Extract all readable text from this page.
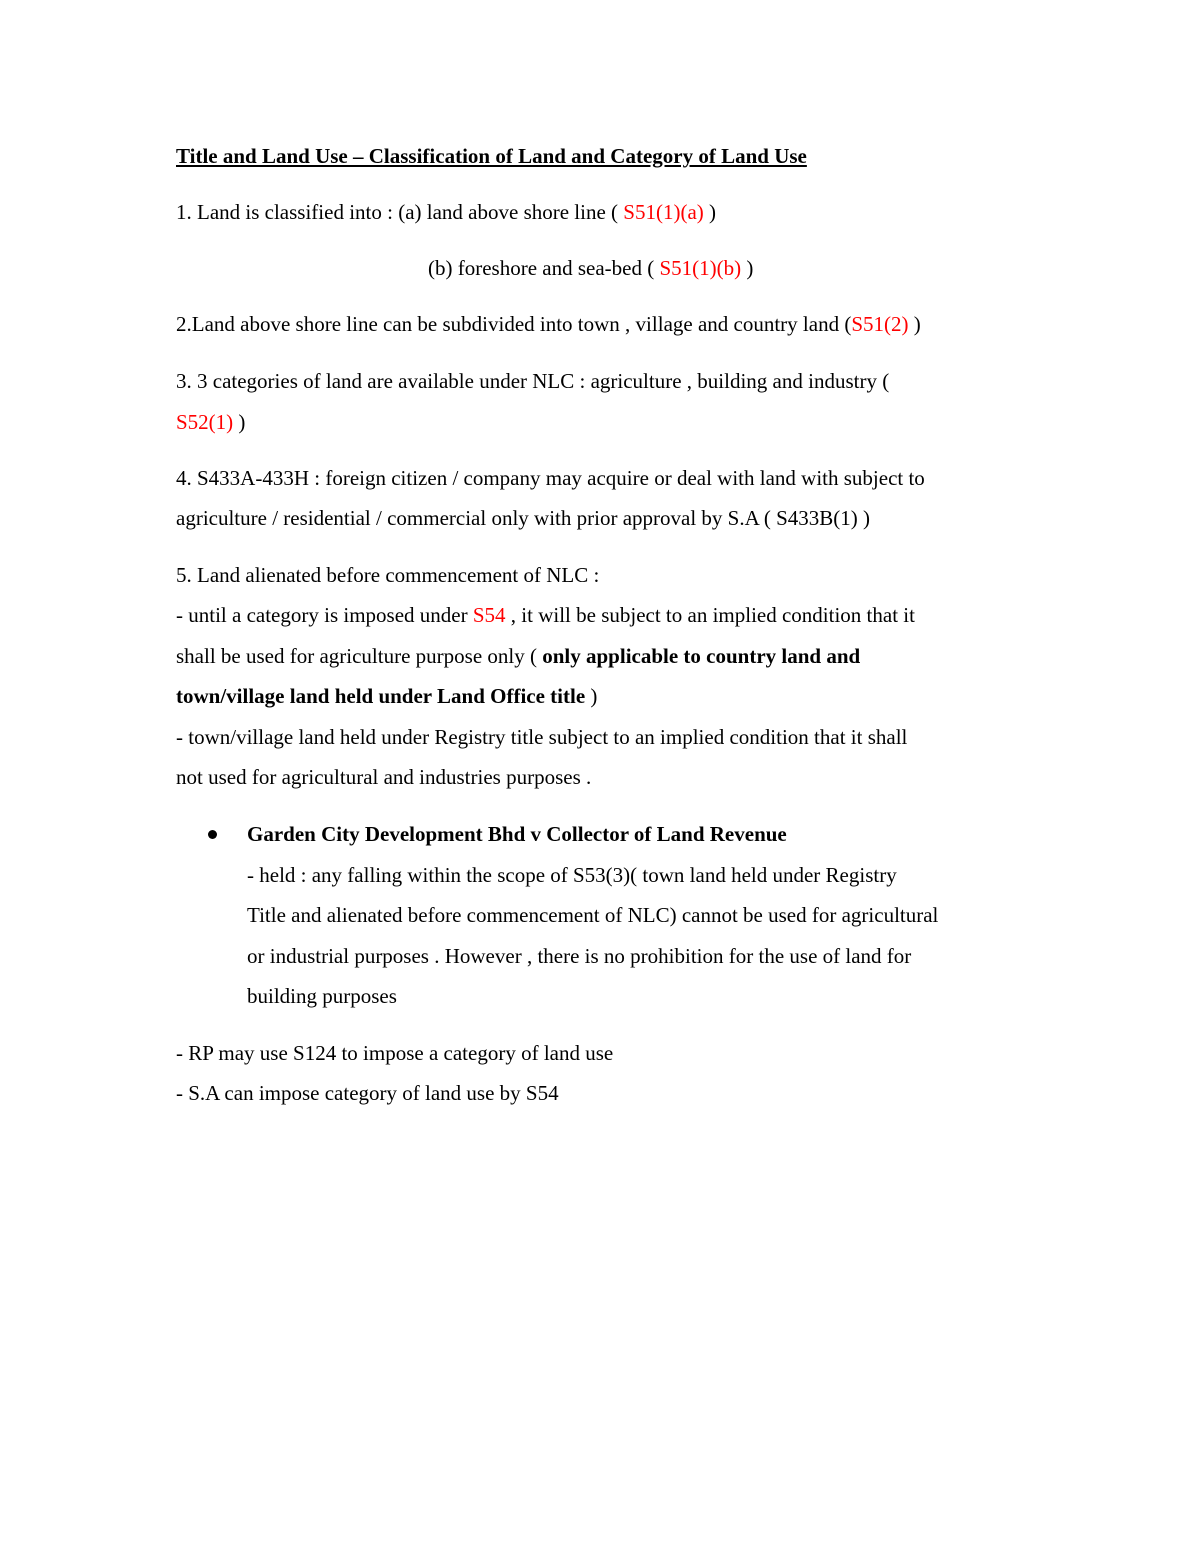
Title and Land Use – Classification of Land and Category of Land Use
1. Land is classified into : (a) land above shore line ( S51(1)(a) )
(b) foreshore and sea-bed ( S51(1)(b) )
2.Land above shore line can be subdivided into town , village and country land (S51(2) )
3. 3 categories of land are available under NLC : agriculture , building and industry (
S52(1) )
4. S433A-433H : foreign citizen / company may acquire or deal with land with subject to
agriculture / residential / commercial only with prior approval by S.A ( S433B(1) )
5. Land alienated before commencement of NLC :
- until a category is imposed under S54 , it will be subject to an implied condition that it
shall be used for agriculture purpose only ( only applicable to country land and
town/village land held under Land Office title )
- town/village land held under Registry title subject to an implied condition that it shall
not used for agricultural and industries purposes .
Garden City Development Bhd v Collector of Land Revenue
- held : any falling within the scope of S53(3)( town land held under Registry
Title and alienated before commencement of NLC) cannot be used for agricultural
or industrial purposes . However , there is no prohibition for the use of land for
building purposes
- RP may use S124 to impose a category of land use
- S.A can impose category of land use by S54
